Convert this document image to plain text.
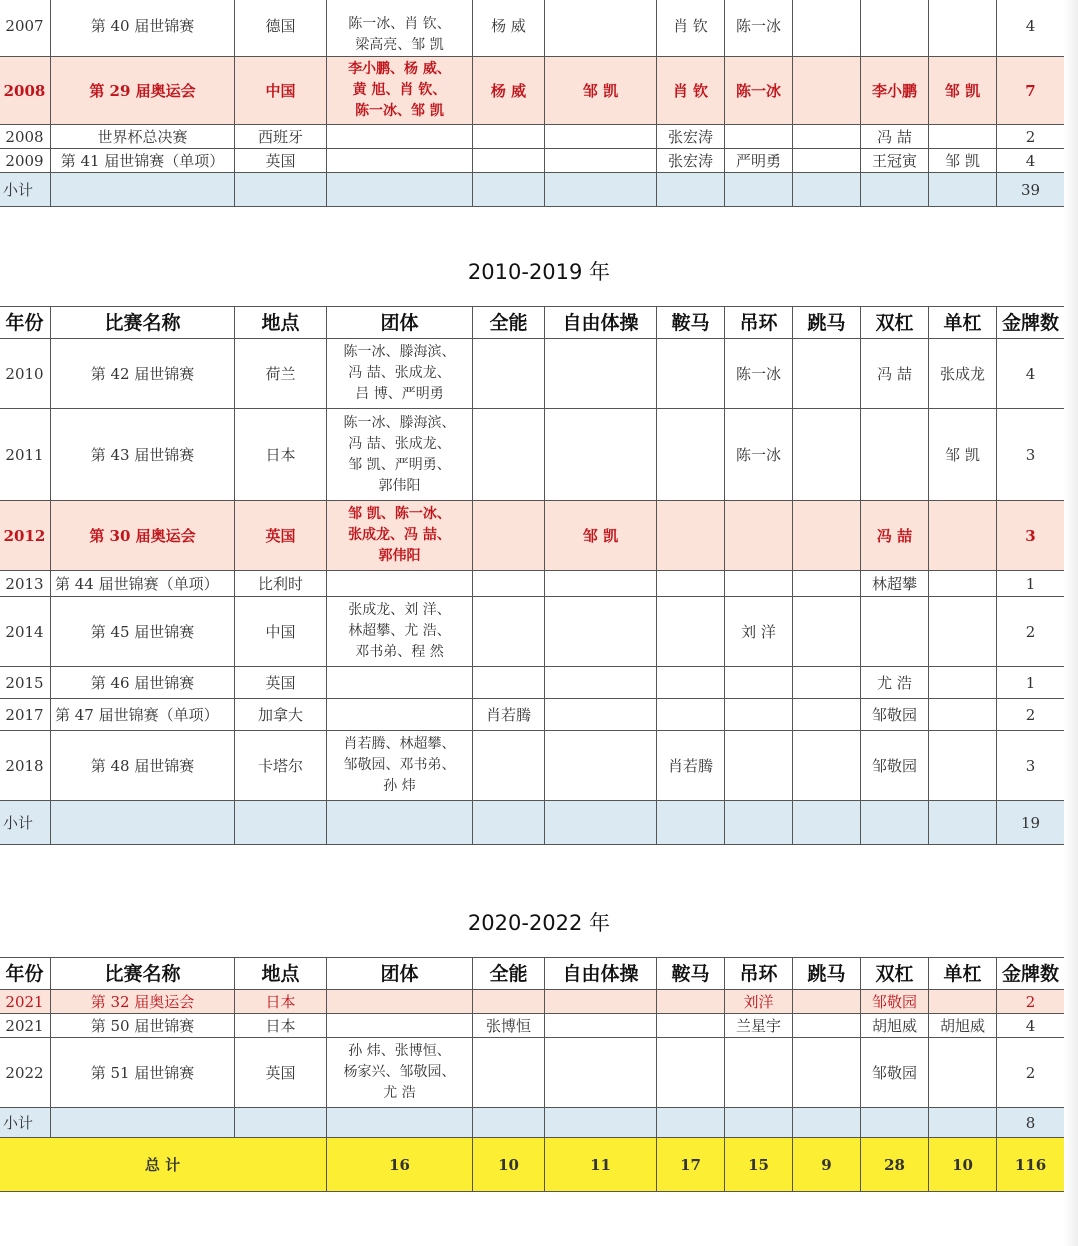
2007	第 40 届世锦赛	德国	陈一冰、肖 钦、
梁高亮、邹 凯	杨 威		肖 钦	陈一冰				4
2008	第 29 届奥运会	中国	李小鹏、杨 威、
黄 旭、肖 钦、
陈一冰、邹 凯	杨 威	邹 凯	肖 钦	陈一冰		李小鹏	邹 凯	7
2008	世界杯总决赛	西班牙				张宏涛			冯 喆		2
2009	第 41 届世锦赛（单项）	英国				张宏涛	严明勇		王冠寅	邹 凯	4
小计											39
2010-2019 年
年份	比赛名称	地点	团体	全能	自由体操	鞍马	吊环	跳马	双杠	单杠	金牌数
2010	第 42 届世锦赛	荷兰	陈一冰、滕海滨、
冯 喆、张成龙、
吕 博、严明勇				陈一冰		冯 喆	张成龙	4
2011	第 43 届世锦赛	日本	陈一冰、滕海滨、
冯 喆、张成龙、
邹 凯、严明勇、
郭伟阳				陈一冰			邹 凯	3
2012	第 30 届奥运会	英国	邹 凯、陈一冰、
张成龙、冯 喆、
郭伟阳		邹 凯				冯 喆		3
2013	第 44 届世锦赛（单项）	比利时							林超攀		1
2014	第 45 届世锦赛	中国	张成龙、刘 洋、
林超攀、尤 浩、
邓书弟、程 然				刘 洋				2
2015	第 46 届世锦赛	英国							尤 浩		1
2017	第 47 届世锦赛（单项）	加拿大		肖若腾					邹敬园		2
2018	第 48 届世锦赛	卡塔尔	肖若腾、林超攀、
邹敬园、邓书弟、
孙 炜			肖若腾			邹敬园		3
小计											19
2020-2022 年
年份	比赛名称	地点	团体	全能	自由体操	鞍马	吊环	跳马	双杠	单杠	金牌数
2021	第 32 届奥运会	日本					刘洋		邹敬园		2
2021	第 50 届世锦赛	日本		张博恒			兰星宇		胡旭威	胡旭威	4
2022	第 51 届世锦赛	英国	孙 炜、张博恒、
杨家兴、邹敬园、
尤 浩						邹敬园		2
小计											8
总 计			16	10	11	17	15	9	28	10	116
